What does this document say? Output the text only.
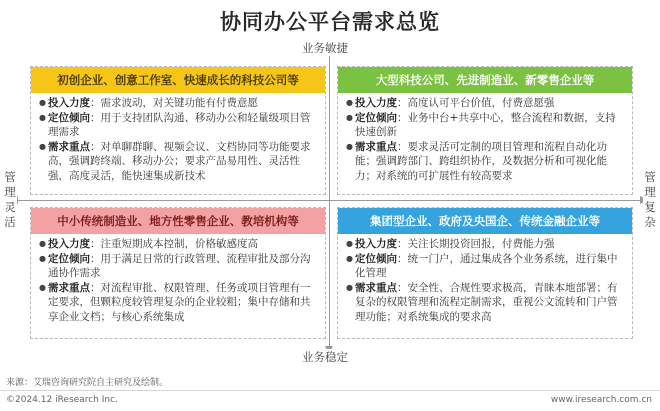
协同办公平台需求总览
业务敏捷
业务稳定
管理灵活
管理复杂
初创企业、创意工作室、快速成长的科技公司等
● 投入力度：需求波动，对关键功能有付费意愿
● 定位倾向：用于支持团队沟通、移动办公和轻量级项目管理需求
● 需求重点：对单聊群聊、视频会议、文档协同等功能要求高，强调跨终端、移动办公；要求产品易用性、灵活性强，高度灵活，能快速集成新技术
大型科技公司、先进制造业、新零售企业等
● 投入力度：高度认可平台价值，付费意愿强
● 定位倾向：业务中台+共享中心，整合流程和数据，支持快速创新
● 需求重点：要求灵活可定制的项目管理和流程自动化功能；强调跨部门、跨组织协作，及数据分析和可视化能力；对系统的可扩展性有较高要求
中小传统制造业、地方性零售企业、教培机构等
● 投入力度：注重短期成本控制，价格敏感度高
● 定位倾向：用于满足日常的行政管理、流程审批及部分沟通协作需求
● 需求重点：对流程审批、权限管理、任务或项目管理有一定要求，但颗粒度较管理复杂的企业较粗；集中存储和共享企业文档；与核心系统集成
集团型企业、政府及央国企、传统金融企业等
● 投入力度：关注长期投资回报，付费能力强
● 定位倾向：统一门户，通过集成各个业务系统，进行集中化管理
● 需求重点：安全性、合规性要求极高，青睐本地部署；有复杂的权限管理和流程定制需求，重视公文流转和门户管理功能；对系统集成的要求高
来源：艾瑞咨询研究院自主研究及绘制。
©2024.12 iResearch Inc.	www.iresearch.com.cn
